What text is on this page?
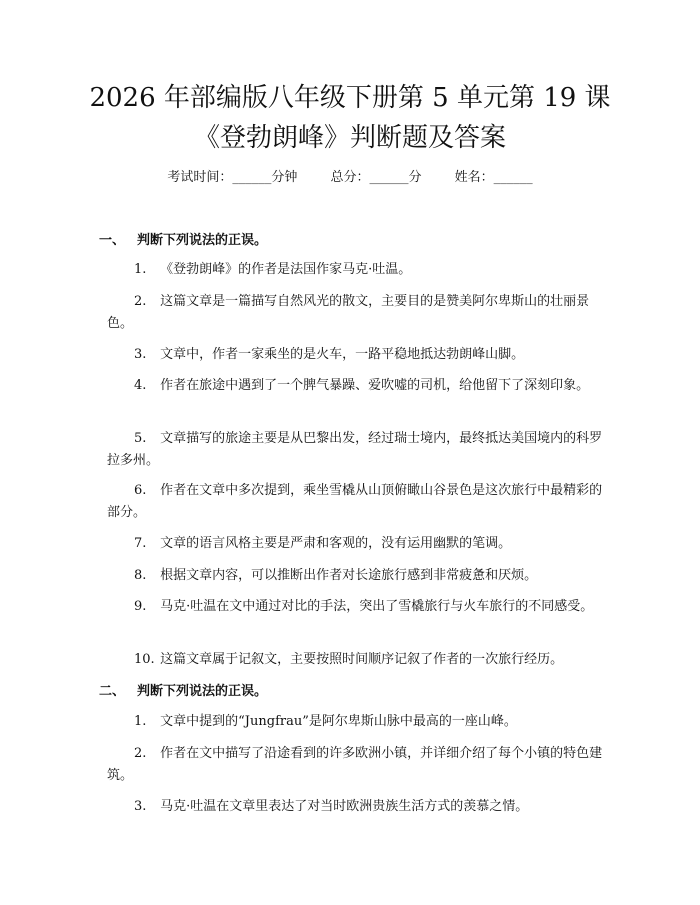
2026 年部编版八年级下册第 5 单元第 19 课
《登勃朗峰》判断题及答案
考试时间：______分钟	总分：______分	姓名：______
一、 判断下列说法的正误。
1. 《登勃朗峰》的作者是法国作家马克·吐温。
2. 这篇文章是一篇描写自然风光的散文，主要目的是赞美阿尔卑斯山的壮丽景色。
3. 文章中，作者一家乘坐的是火车，一路平稳地抵达勃朗峰山脚。
4. 作者在旅途中遇到了一个脾气暴躁、爱吹嘘的司机，给他留下了深刻印象。
5. 文章描写的旅途主要是从巴黎出发，经过瑞士境内，最终抵达美国境内的科罗拉多州。
6. 作者在文章中多次提到，乘坐雪橇从山顶俯瞰山谷景色是这次旅行中最精彩的部分。
7. 文章的语言风格主要是严肃和客观的，没有运用幽默的笔调。
8. 根据文章内容，可以推断出作者对长途旅行感到非常疲惫和厌烦。
9. 马克·吐温在文中通过对比的手法，突出了雪橇旅行与火车旅行的不同感受。
10. 这篇文章属于记叙文，主要按照时间顺序记叙了作者的一次旅行经历。
二、 判断下列说法的正误。
1. 文章中提到的“Jungfrau”是阿尔卑斯山脉中最高的一座山峰。
2. 作者在文中描写了沿途看到的许多欧洲小镇，并详细介绍了每个小镇的特色建筑。
3. 马克·吐温在文章里表达了对当时欧洲贵族生活方式的羡慕之情。
